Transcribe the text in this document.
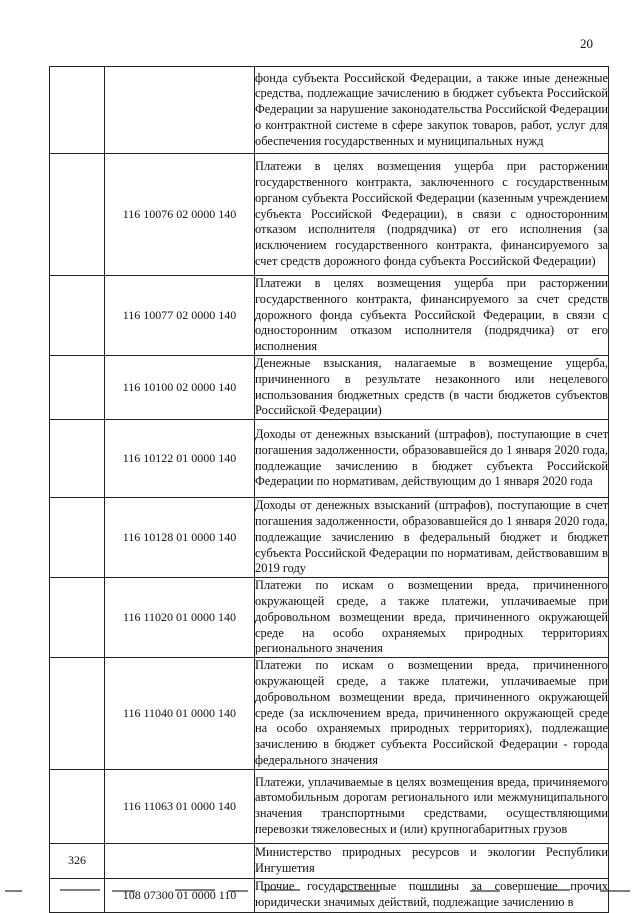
20
		фонда субъекта Российской Федерации, а также иные денежные средства, подлежащие зачислению в бюджет субъекта Российской Федерации за нарушение законодательства Российской Федерации о контрактной системе в сфере закупок товаров, работ, услуг для обеспечения государственных и муниципальных нужд
	116 10076 02 0000 140	Платежи в целях возмещения ущерба при расторжении государственного контракта, заключенного с государственным органом субъекта Российской Федерации (казенным учреждением субъекта Российской Федерации), в связи с односторонним отказом исполнителя (подрядчика) от его исполнения (за исключением государственного контракта, финансируемого за счет средств дорожного фонда субъекта Российской Федерации)
	116 10077 02 0000 140	Платежи в целях возмещения ущерба при расторжении государственного контракта, финансируемого за счет средств дорожного фонда субъекта Российской Федерации, в связи с односторонним отказом исполнителя (подрядчика) от его исполнения
	116 10100 02 0000 140	Денежные взыскания, налагаемые в возмещение ущерба, причиненного в результате незаконного или нецелевого использования бюджетных средств (в части бюджетов субъектов Российской Федерации)
	116 10122 01 0000 140	Доходы от денежных взысканий (штрафов), поступающие в счет погашения задолженности, образовавшейся до 1 января 2020 года, подлежащие зачислению в бюджет субъекта Российской Федерации по нормативам, действующим до 1 января 2020 года
	116 10128 01 0000 140	Доходы от денежных взысканий (штрафов), поступающие в счет погашения задолженности, образовавшейся до 1 января 2020 года, подлежащие зачислению в федеральный бюджет и бюджет субъекта Российской Федерации по нормативам, действовавшим в 2019 году
	116 11020 01 0000 140	Платежи по искам о возмещении вреда, причиненного окружающей среде, а также платежи, уплачиваемые при добровольном возмещении вреда, причиненного окружающей среде на особо охраняемых природных территориях регионального значения
	116 11040 01 0000 140	Платежи по искам о возмещении вреда, причиненного окружающей среде, а также платежи, уплачиваемые при добровольном возмещении вреда, причиненного окружающей среде (за исключением вреда, причиненного окружающей среде на особо охраняемых природных территориях), подлежащие зачислению в бюджет субъекта Российской Федерации - города федерального значения
	116 11063 01 0000 140	Платежи, уплачиваемые в целях возмещения вреда, причиняемого автомобильным дорогам регионального или межмуниципального значения транспортными средствами, осуществляющими перевозки тяжеловесных и (или) крупногабаритных грузов
326		Министерство природных ресурсов и экологии Республики Ингушетия
	108 07300 01 0000 110	Прочие государственные пошлины за совершение прочих юридически значимых действий, подлежащие зачислению в
